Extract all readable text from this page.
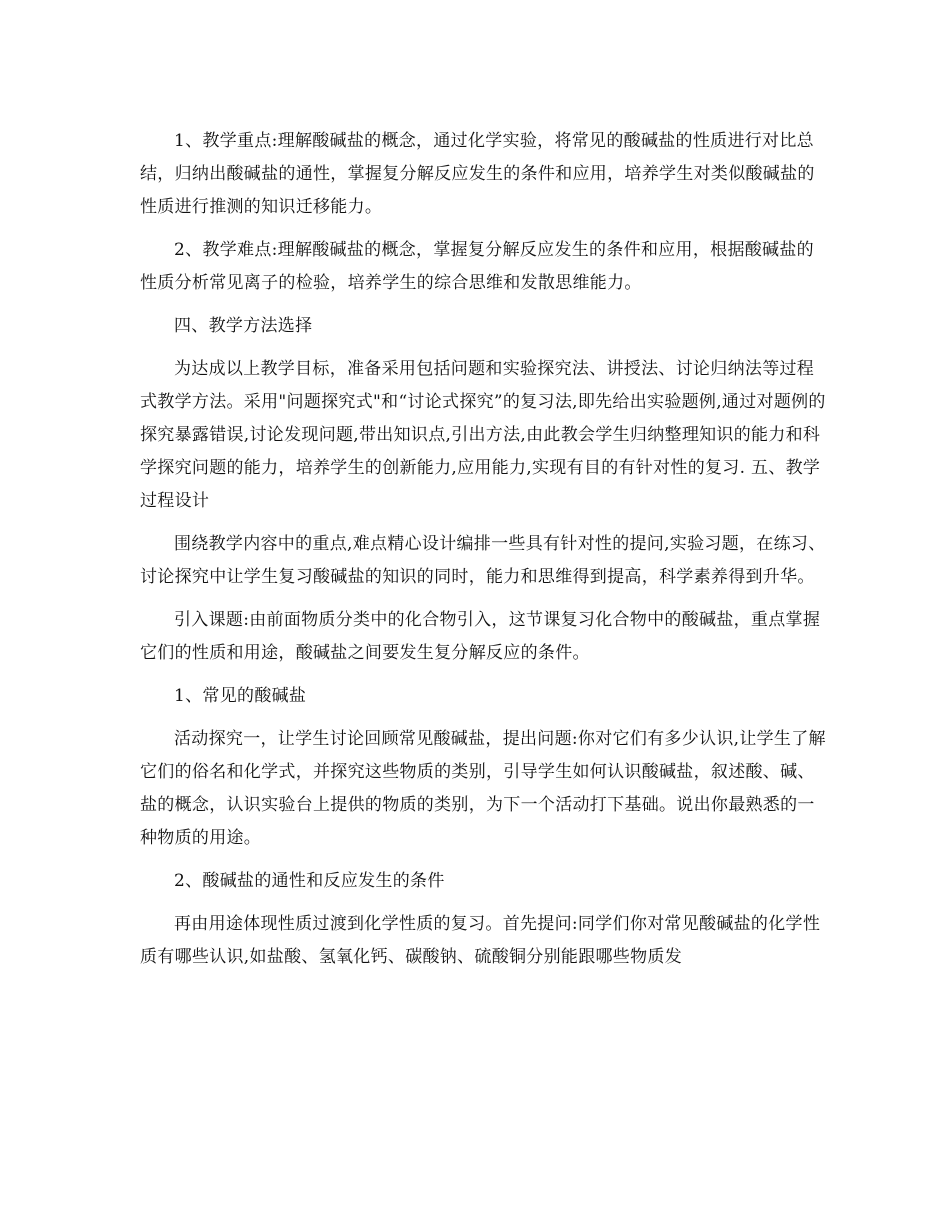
1、教学重点:理解酸碱盐的概念，通过化学实验，将常见的酸碱盐的性质进行对比总结，归纳出酸碱盐的通性，掌握复分解反应发生的条件和应用，培养学生对类似酸碱盐的性质进行推测的知识迁移能力。

2、教学难点:理解酸碱盐的概念，掌握复分解反应发生的条件和应用，根据酸碱盐的性质分析常见离子的检验，培养学生的综合思维和发散思维能力。

四、教学方法选择

为达成以上教学目标，准备采用包括问题和实验探究法、讲授法、讨论归纳法等过程式教学方法。采用"问题探究式"和“讨论式探究”的复习法,即先给出实验题例,通过对题例的探究暴露错误,讨论发现问题,带出知识点,引出方法,由此教会学生归纳整理知识的能力和科学探究问题的能力，培养学生的创新能力,应用能力,实现有目的有针对性的复习. 五、教学过程设计

围绕教学内容中的重点,难点精心设计编排一些具有针对性的提问,实验习题，在练习、讨论探究中让学生复习酸碱盐的知识的同时，能力和思维得到提高，科学素养得到升华。

引入课题:由前面物质分类中的化合物引入，这节课复习化合物中的酸碱盐，重点掌握它们的性质和用途，酸碱盐之间要发生复分解反应的条件。

1、常见的酸碱盐

活动探究一，让学生讨论回顾常见酸碱盐，提出问题:你对它们有多少认识,让学生了解它们的俗名和化学式，并探究这些物质的类别，引导学生如何认识酸碱盐，叙述酸、碱、盐的概念，认识实验台上提供的物质的类别，为下一个活动打下基础。说出你最熟悉的一种物质的用途。

2、酸碱盐的通性和反应发生的条件

再由用途体现性质过渡到化学性质的复习。首先提问:同学们你对常见酸碱盐的化学性质有哪些认识,如盐酸、氢氧化钙、碳酸钠、硫酸铜分别能跟哪些物质发
